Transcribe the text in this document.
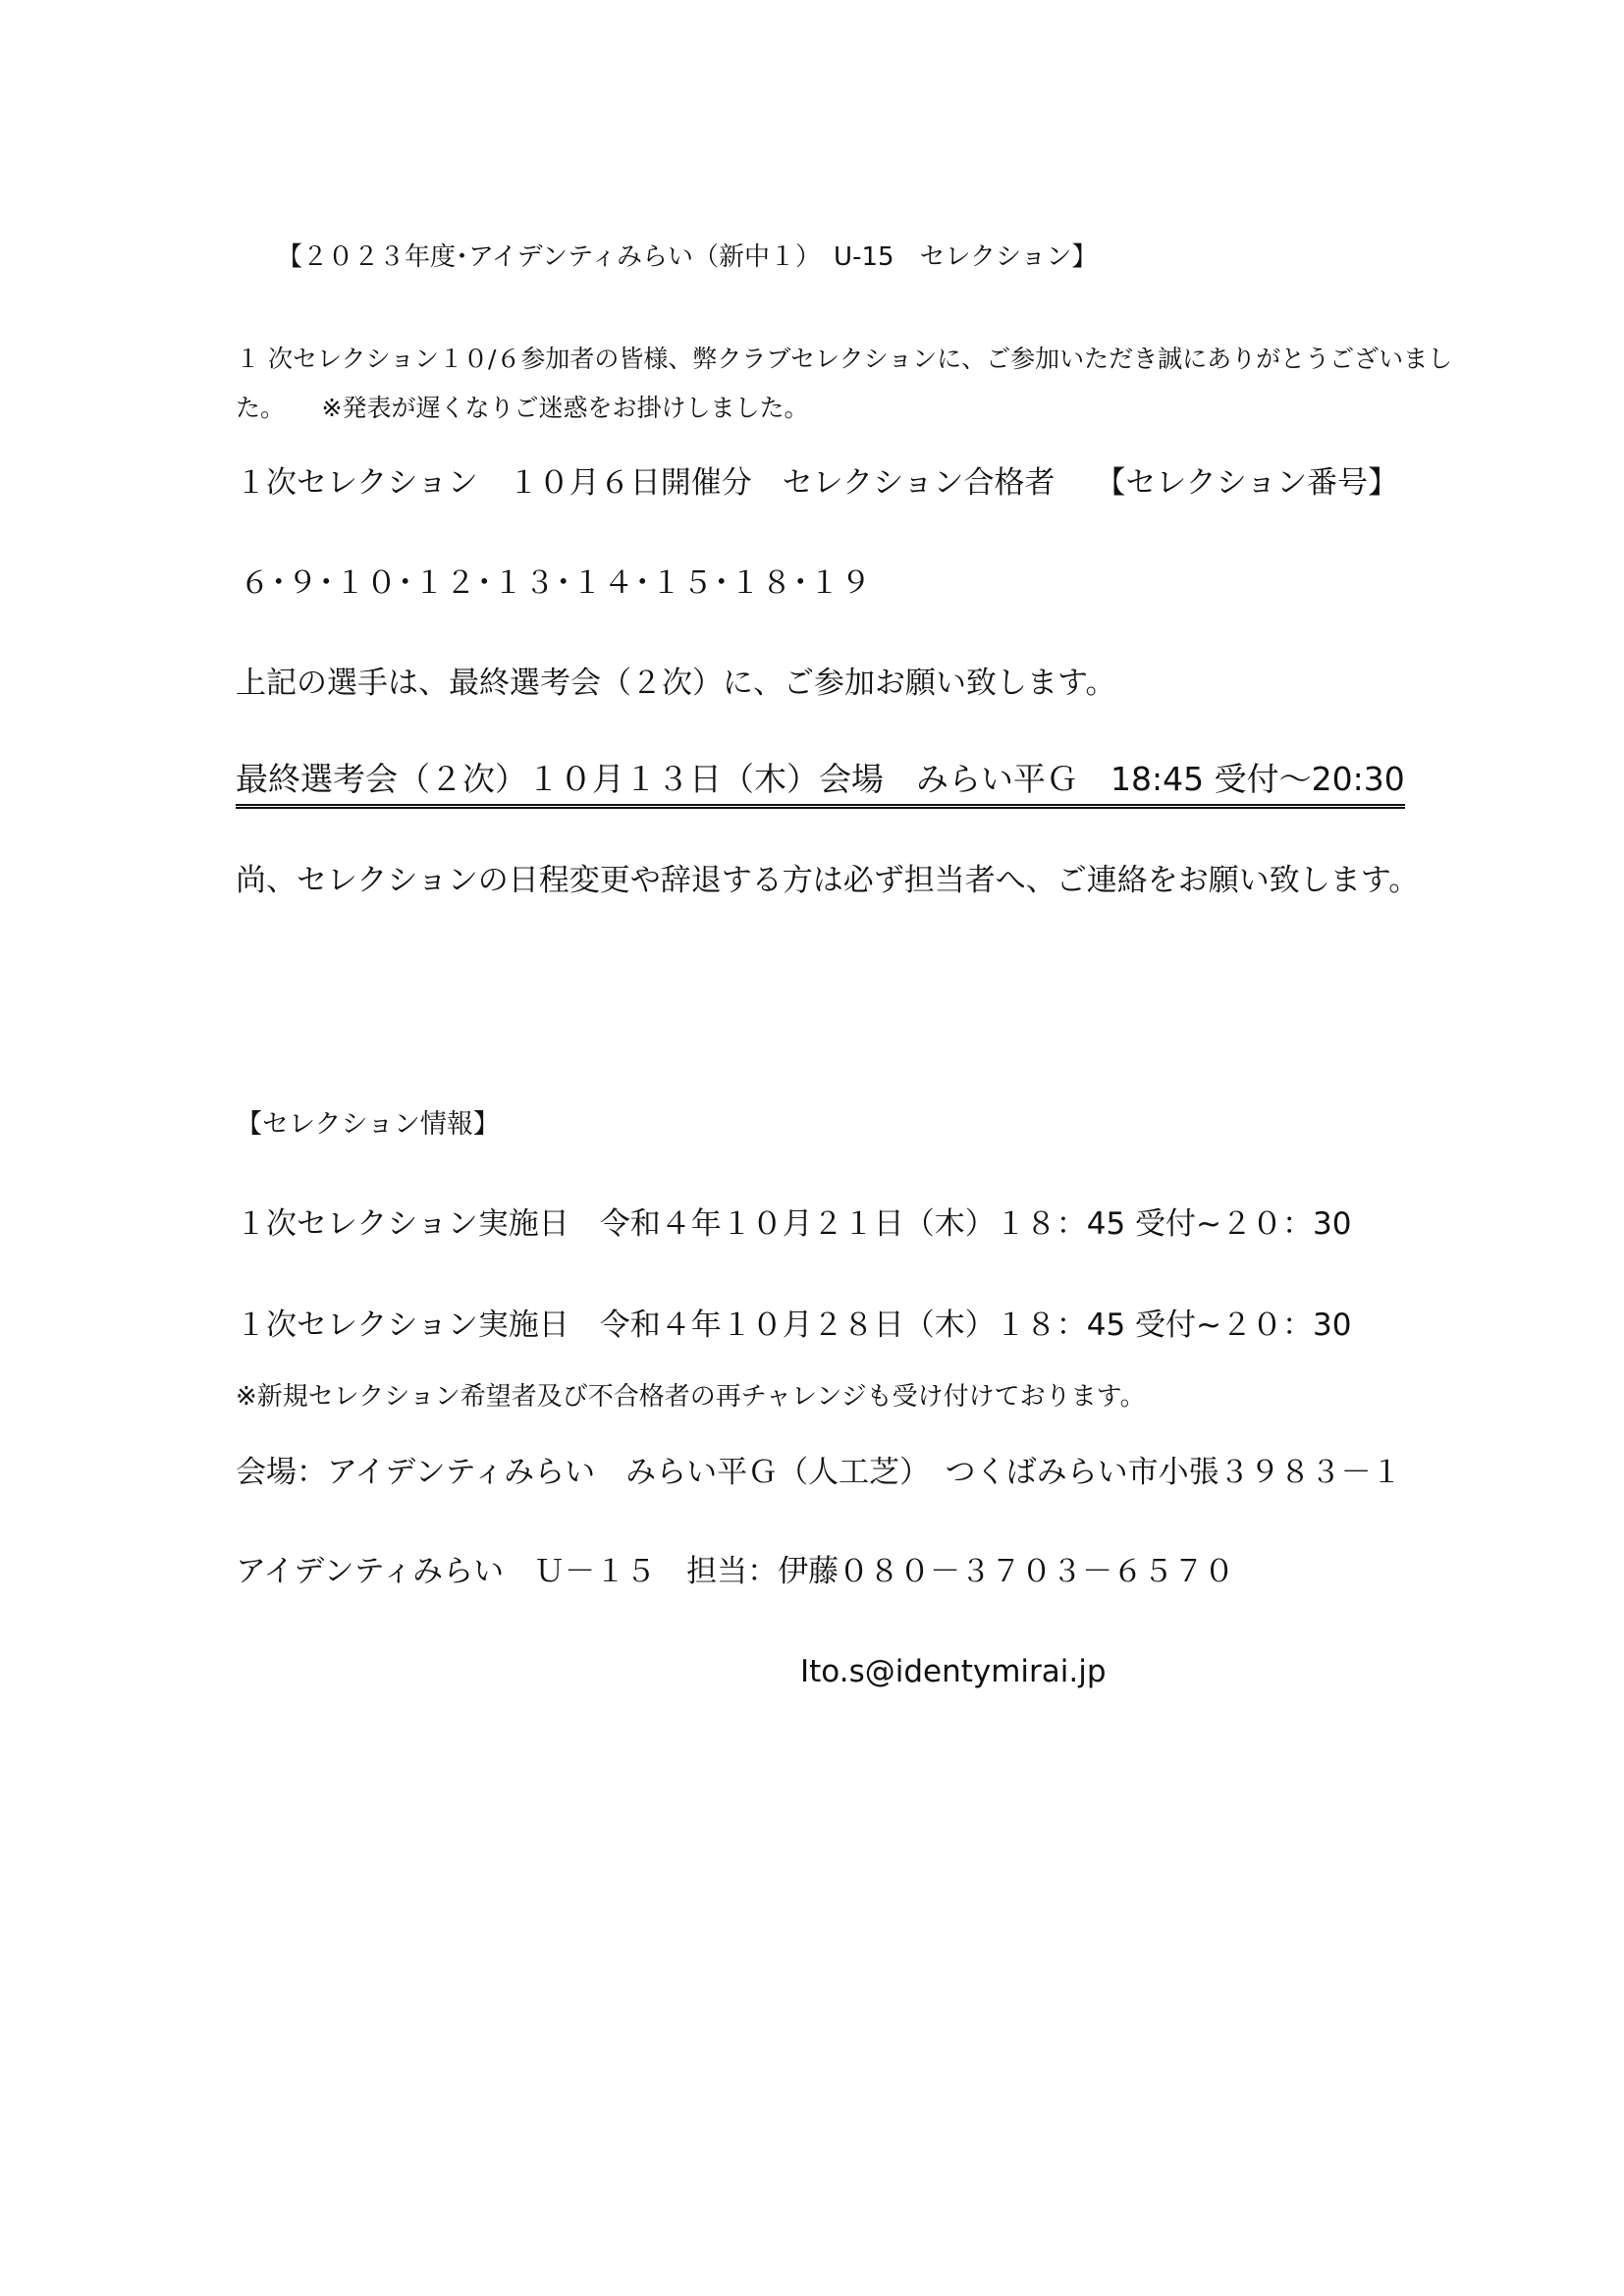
【２０２３年度･アイデンティみらい（新中１）　U-15　セレクション】
１ 次セレクション１０/６参加者の皆様、弊クラブセレクションに、ご参加いただき誠にありがとうございまし
た。　　※発表が遅くなりご迷惑をお掛けしました。
１次セレクション　１０月６日開催分　セレクション合格者　 【セレクション番号】
６･９･１０･１２･１３･１４･１５･１８･１９
上記の選手は、最終選考会（２次）に、ご参加お願い致します。
最終選考会（２次）１０月１３日（木）会場　みらい平Ｇ　18:45 受付～20:30
尚、セレクションの日程変更や辞退する方は必ず担当者へ、ご連絡をお願い致します。
【セレクション情報】
１次セレクション実施日　令和４年１０月２１日（木）１８：45 受付~２０：30
１次セレクション実施日　令和４年１０月２８日（木）１８：45 受付~２０：30
※新規セレクション希望者及び不合格者の再チャレンジも受け付けております。
会場：アイデンティみらい　みらい平Ｇ（人工芝）　つくばみらい市小張３９８３－１
アイデンティみらい　Ｕ－１５　担当：伊藤０８０－３７０３－６５７０
Ito.s@identymirai.jp
